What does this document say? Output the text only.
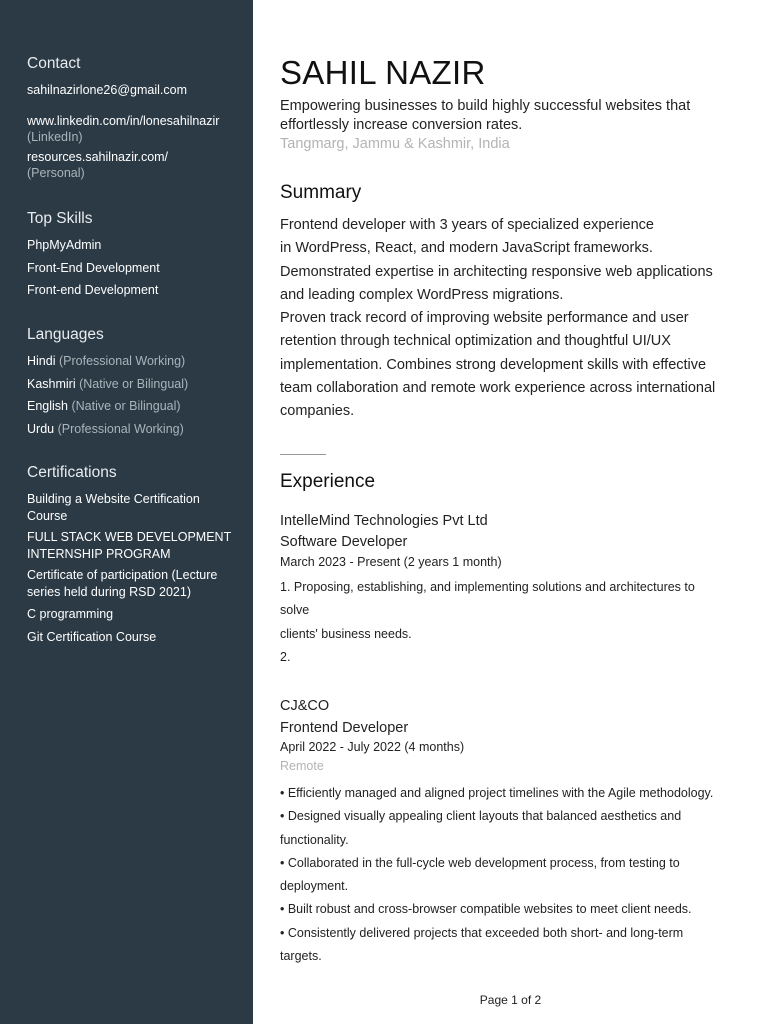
Contact
sahilnazirlone26@gmail.com
www.linkedin.com/in/lonesahilnazir
(LinkedIn)
resources.sahilnazir.com/
(Personal)
Top Skills
PhpMyAdmin
Front-End Development
Front-end Development
Languages
Hindi (Professional Working)
Kashmiri (Native or Bilingual)
English (Native or Bilingual)
Urdu (Professional Working)
Certifications
Building a Website Certification Course
FULL STACK WEB DEVELOPMENT INTERNSHIP PROGRAM
Certificate of participation (Lecture series held during RSD 2021)
C programming
Git Certification Course
SAHIL NAZIR
Empowering businesses to build highly successful websites that effortlessly increase conversion rates.
Tangmarg, Jammu & Kashmir, India
Summary
Frontend developer with 3 years of specialized experience
in WordPress, React, and modern JavaScript frameworks.
Demonstrated expertise in architecting responsive web applications
and leading complex WordPress migrations.
Proven track record of improving website performance and user
retention through technical optimization and thoughtful UI/UX
implementation. Combines strong development skills with effective
team collaboration and remote work experience across international
companies.
Experience
IntelleMind Technologies Pvt Ltd
Software Developer
March 2023 - Present (2 years 1 month)
1. Proposing, establishing, and implementing solutions and architectures to
solve
clients' business needs.
2.
CJ&CO
Frontend Developer
April 2022 - July 2022 (4 months)
Remote
• Efficiently managed and aligned project timelines with the Agile methodology.
• Designed visually appealing client layouts that balanced aesthetics and
functionality.
• Collaborated in the full-cycle web development process, from testing to
deployment.
• Built robust and cross-browser compatible websites to meet client needs.
• Consistently delivered projects that exceeded both short- and long-term
targets.
Page 1 of 2
